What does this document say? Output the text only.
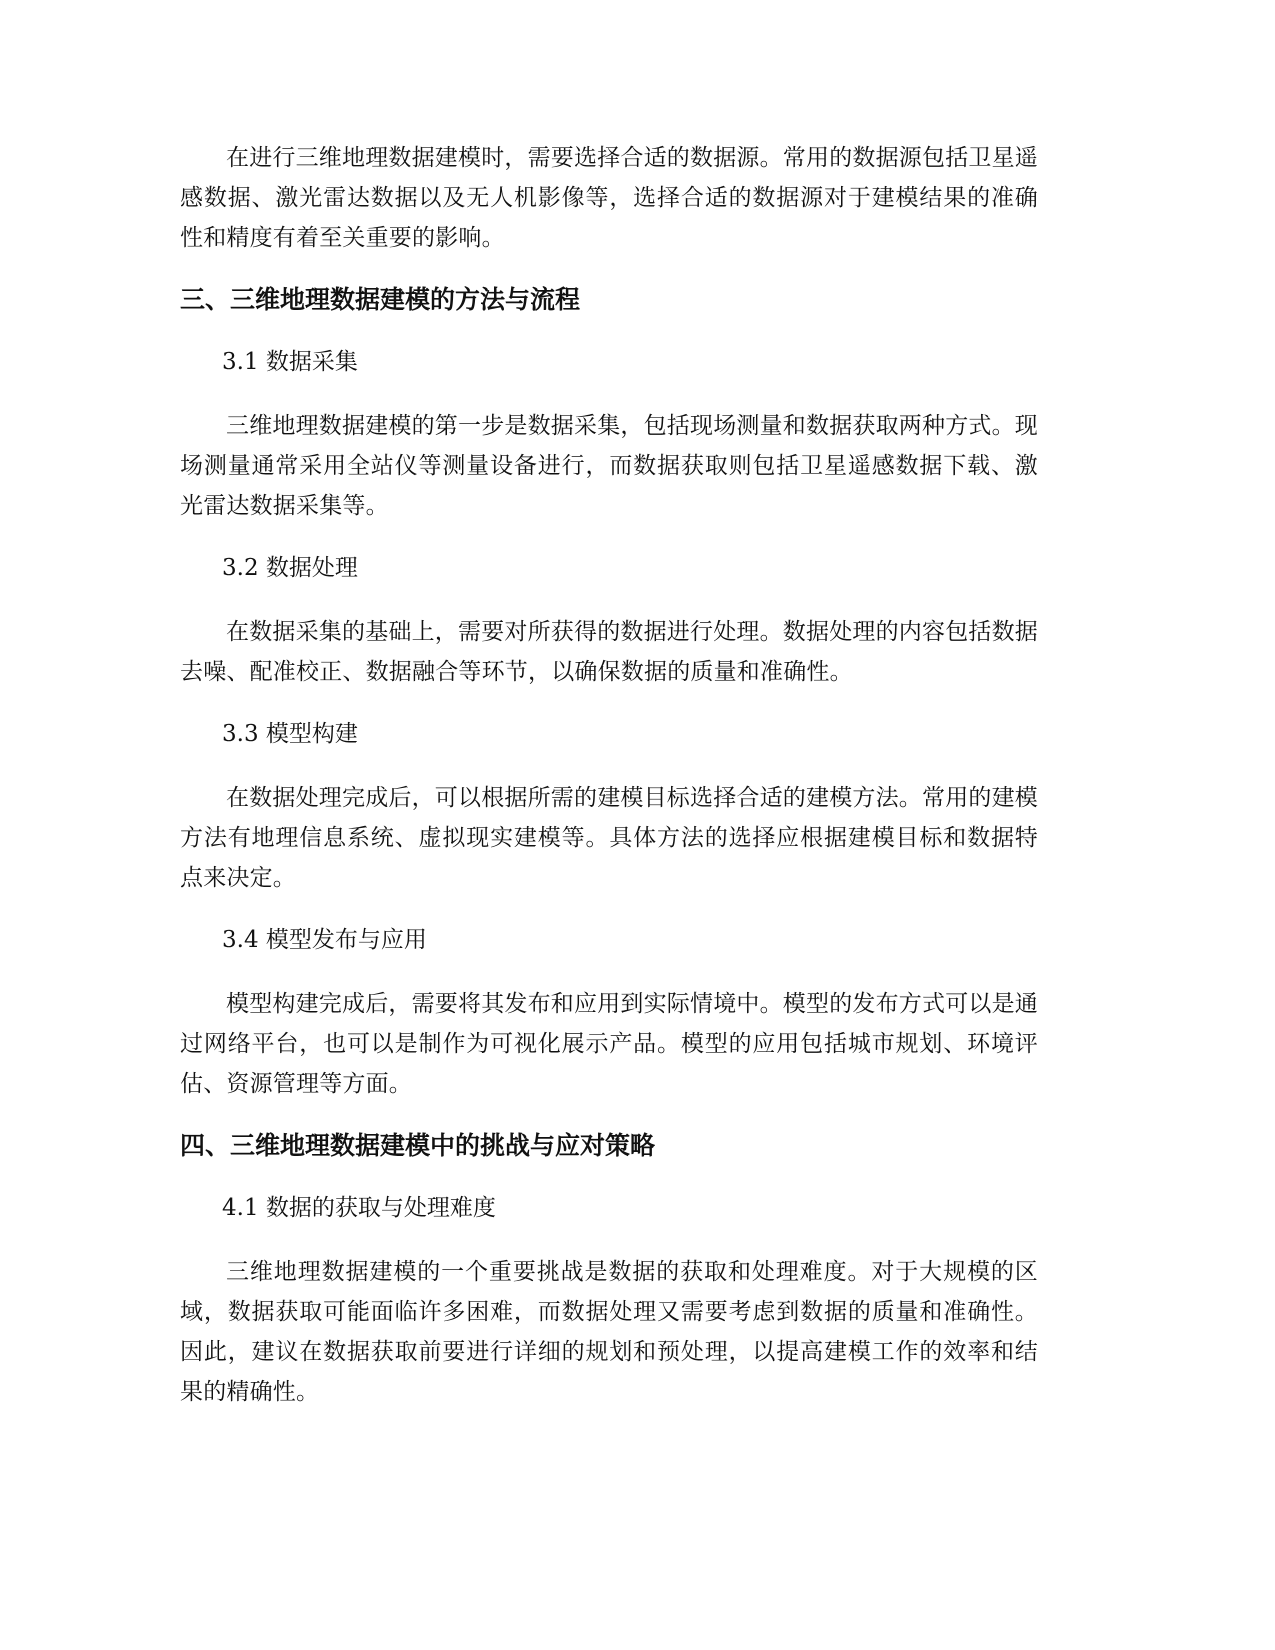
在进行三维地理数据建模时，需要选择合适的数据源。常用的数据源包括卫星遥感数据、激光雷达数据以及无人机影像等，选择合适的数据源对于建模结果的准确性和精度有着至关重要的影响。

三、三维地理数据建模的方法与流程

3.1 数据采集

三维地理数据建模的第一步是数据采集，包括现场测量和数据获取两种方式。现场测量通常采用全站仪等测量设备进行，而数据获取则包括卫星遥感数据下载、激光雷达数据采集等。

3.2 数据处理

在数据采集的基础上，需要对所获得的数据进行处理。数据处理的内容包括数据去噪、配准校正、数据融合等环节，以确保数据的质量和准确性。

3.3 模型构建

在数据处理完成后，可以根据所需的建模目标选择合适的建模方法。常用的建模方法有地理信息系统、虚拟现实建模等。具体方法的选择应根据建模目标和数据特点来决定。

3.4 模型发布与应用

模型构建完成后，需要将其发布和应用到实际情境中。模型的发布方式可以是通过网络平台，也可以是制作为可视化展示产品。模型的应用包括城市规划、环境评估、资源管理等方面。

四、三维地理数据建模中的挑战与应对策略

4.1 数据的获取与处理难度

三维地理数据建模的一个重要挑战是数据的获取和处理难度。对于大规模的区域，数据获取可能面临许多困难，而数据处理又需要考虑到数据的质量和准确性。因此，建议在数据获取前要进行详细的规划和预处理，以提高建模工作的效率和结果的精确性。
